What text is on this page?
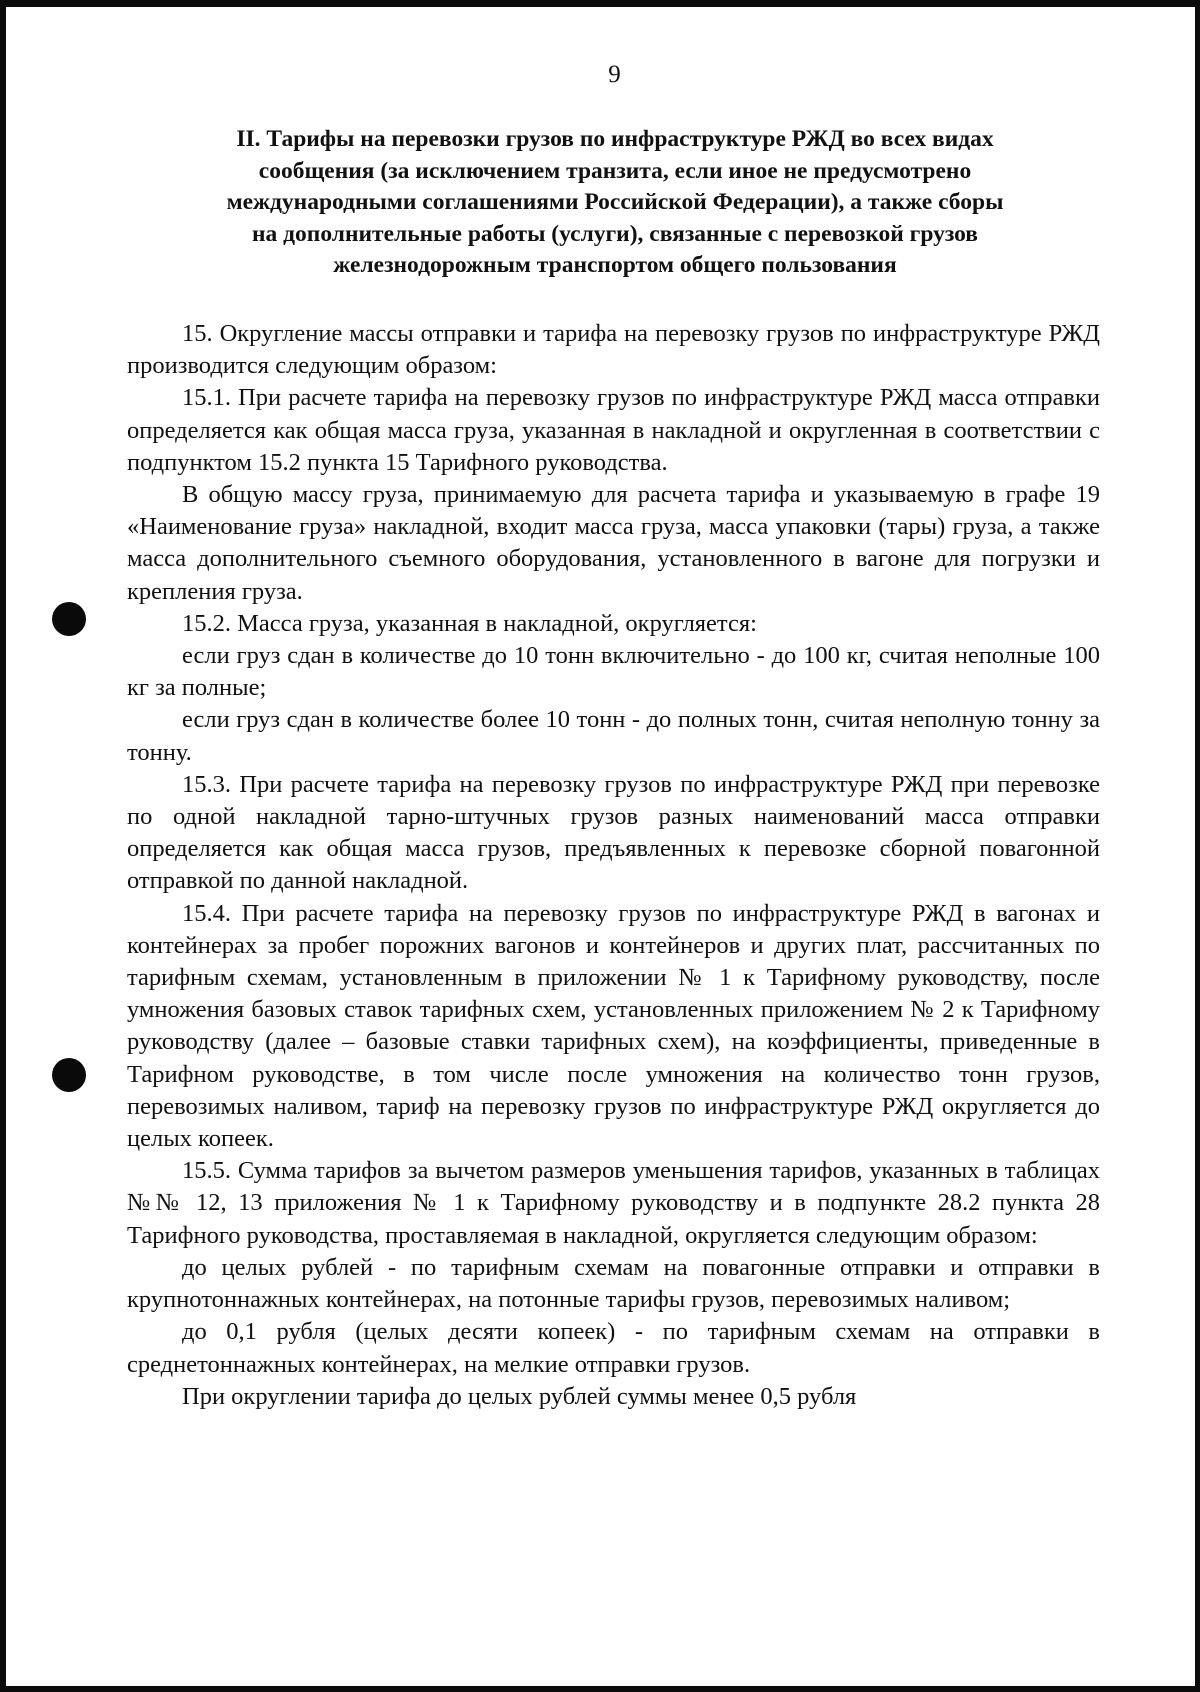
9
II. Тарифы на перевозки грузов по инфраструктуре РЖД во всех видах
сообщения (за исключением транзита, если иное не предусмотрено
международными соглашениями Российской Федерации), а также сборы
на дополнительные работы (услуги), связанные с перевозкой грузов
железнодорожным транспортом общего пользования

15. Округление массы отправки и тарифа на перевозку грузов по инфраструктуре РЖД производится следующим образом:

15.1. При расчете тарифа на перевозку грузов по инфраструктуре РЖД масса отправки определяется как общая масса груза, указанная в накладной и округленная в соответствии с подпунктом 15.2 пункта 15 Тарифного руководства.

В общую массу груза, принимаемую для расчета тарифа и указываемую в графе 19 «Наименование груза» накладной, входит масса груза, масса упаковки (тары) груза, а также масса дополнительного съемного оборудования, установленного в вагоне для погрузки и крепления груза.

15.2. Масса груза, указанная в накладной, округляется:

если груз сдан в количестве до 10 тонн включительно - до 100 кг, считая неполные 100 кг за полные;

если груз сдан в количестве более 10 тонн - до полных тонн, считая неполную тонну за тонну.

15.3. При расчете тарифа на перевозку грузов по инфраструктуре РЖД при перевозке по одной накладной тарно-штучных грузов разных наименований масса отправки определяется как общая масса грузов, предъявленных к перевозке сборной повагонной отправкой по данной накладной.

15.4. При расчете тарифа на перевозку грузов по инфраструктуре РЖД в вагонах и контейнерах за пробег порожних вагонов и контейнеров и других плат, рассчитанных по тарифным схемам, установленным в приложении № 1 к Тарифному руководству, после умножения базовых ставок тарифных схем, установленных приложением № 2 к Тарифному руководству (далее – базовые ставки тарифных схем), на коэффициенты, приведенные в Тарифном руководстве, в том числе после умножения на количество тонн грузов, перевозимых наливом, тариф на перевозку грузов по инфраструктуре РЖД округляется до целых копеек.

15.5. Сумма тарифов за вычетом размеров уменьшения тарифов, указанных в таблицах №№ 12, 13 приложения № 1 к Тарифному руководству и в подпункте 28.2 пункта 28 Тарифного руководства, проставляемая в накладной, округляется следующим образом:

до целых рублей - по тарифным схемам на повагонные отправки и отправки в крупнотоннажных контейнерах, на потонные тарифы грузов, перевозимых наливом;

до 0,1 рубля (целых десяти копеек) - по тарифным схемам на отправки в среднетоннажных контейнерах, на мелкие отправки грузов.

При округлении тарифа до целых рублей суммы менее 0,5 рубля
